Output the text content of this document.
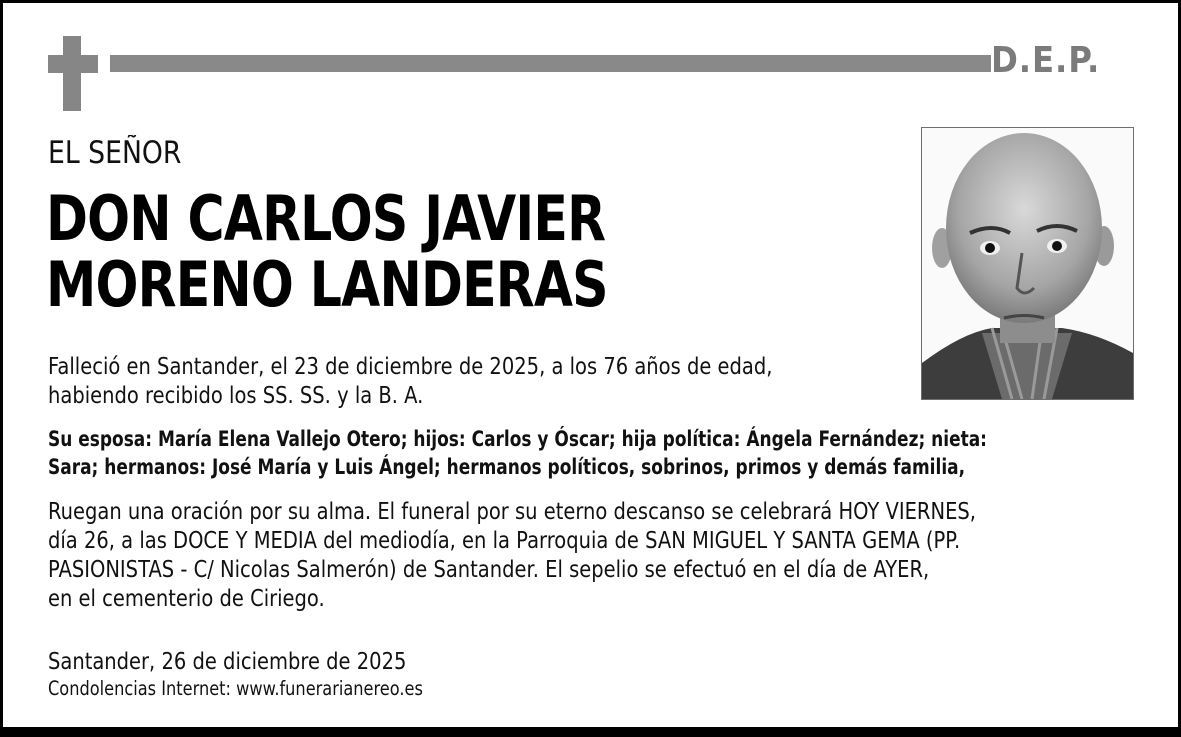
D.E.P.
EL SEÑOR
DON CARLOS JAVIER
MORENO LANDERAS
Falleció en Santander, el 23 de diciembre de 2025, a los 76 años de edad,
habiendo recibido los SS. SS. y la B. A.
Su esposa: María Elena Vallejo Otero; hijos: Carlos y Óscar; hija política: Ángela Fernández; nieta:
Sara; hermanos: José María y Luis Ángel; hermanos políticos, sobrinos, primos y demás familia,
Ruegan una oración por su alma. El funeral por su eterno descanso se celebrará HOY VIERNES,
día 26, a las DOCE Y MEDIA del mediodía, en la Parroquia de SAN MIGUEL Y SANTA GEMA (PP.
PASIONISTAS - C/ Nicolas Salmerón) de Santander. El sepelio se efectuó en el día de AYER,
en el cementerio de Ciriego.
Santander, 26 de diciembre de 2025
Condolencias Internet: www.funerarianereo.es
